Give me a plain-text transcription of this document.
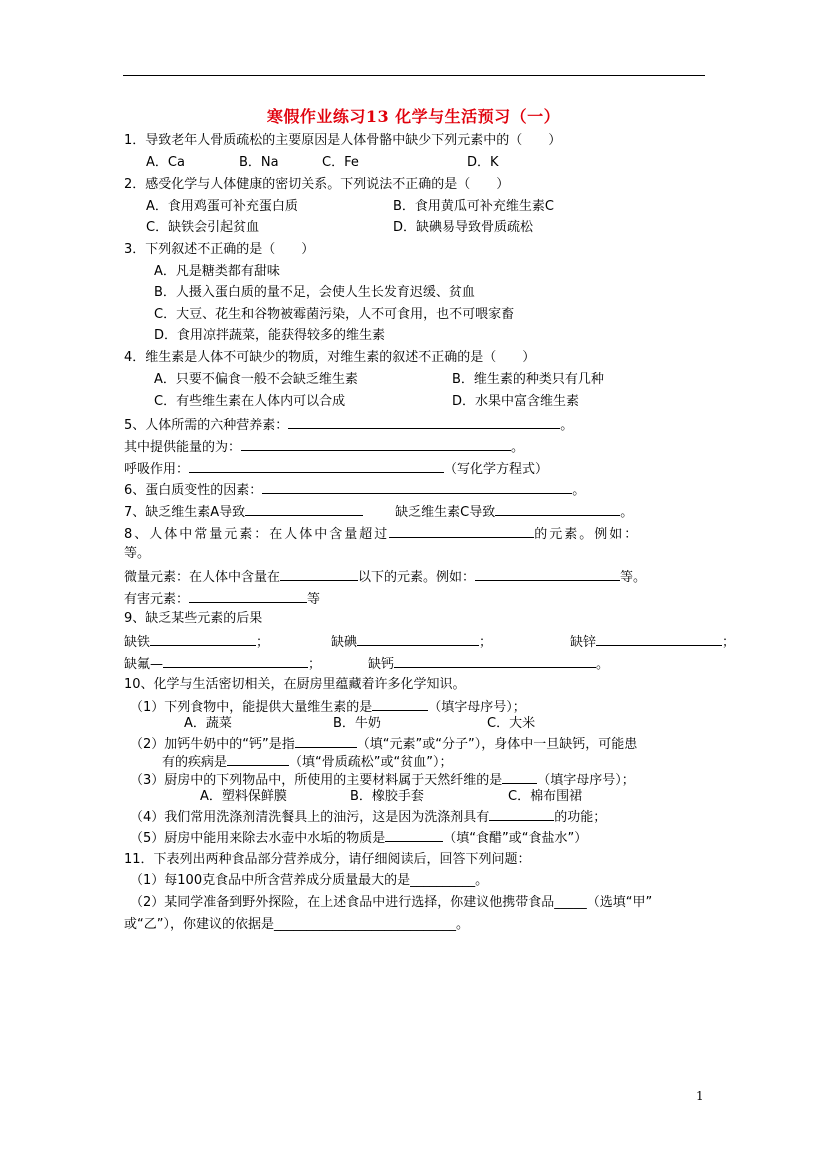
寒假作业练习13 化学与生活预习（一）
1．导致老年人骨质疏松的主要原因是人体骨骼中缺少下列元素中的（　　）
A．Ca	B．Na	C．Fe	D．K
2．感受化学与人体健康的密切关系。下列说法不正确的是（　　）
A．食用鸡蛋可补充蛋白质	B．食用黄瓜可补充维生素C
C．缺铁会引起贫血	D．缺碘易导致骨质疏松
3．下列叙述不正确的是（　　）
A．凡是糖类都有甜味
B．人摄入蛋白质的量不足，会使人生长发育迟缓、贫血
C．大豆、花生和谷物被霉菌污染，人不可食用，也不可喂家畜
D．食用凉拌蔬菜，能获得较多的维生素
4．维生素是人体不可缺少的物质，对维生素的叙述不正确的是（　　）
A．只要不偏食一般不会缺乏维生素	B．维生素的种类只有几种
C．有些维生素在人体内可以合成	D．水果中富含维生素
5、人体所需的六种营养素：	。
其中提供能量的为：	。
呼吸作用：	（写化学方程式）
6、蛋白质变性的因素：	。
7、缺乏维生素A导致	缺乏维生素C导致	。
8、人体中常量元素：在人体中含量超过	的元素。例如：
等。
微量元素：在人体中含量在	以下的元素。例如：	等。
有害元素：	等
9、缺乏某些元素的后果
缺铁	；	缺碘	；	缺锌	；
缺氟—	；	缺钙	。
10、化学与生活密切相关，在厨房里蕴藏着许多化学知识。
（1）下列食物中，能提供大量维生素的是	（填字母序号）；
A．蔬菜	B．牛奶	C．大米
（2）加钙牛奶中的“钙”是指	（填“元素”或“分子”），身体中一旦缺钙，可能患
有的疾病是	（填“骨质疏松”或“贫血”）；
（3）厨房中的下列物品中，所使用的主要材料属于天然纤维的是	（填字母序号）；
A．塑料保鲜膜	B．橡胶手套	C．棉布围裙
（4）我们常用洗涤剂清洗餐具上的油污，这是因为洗涤剂具有	的功能；
（5）厨房中能用来除去水壶中水垢的物质是	（填“食醋”或“食盐水”）
11．下表列出两种食品部分营养成分，请仔细阅读后，回答下列问题：
（1）每100克食品中所含营养成分质量最大的是__________。
（2）某同学准备到野外探险，在上述食品中进行选择，你建议他携带食品_____（选填“甲”
或“乙”），你建议的依据是____________________________。
1
